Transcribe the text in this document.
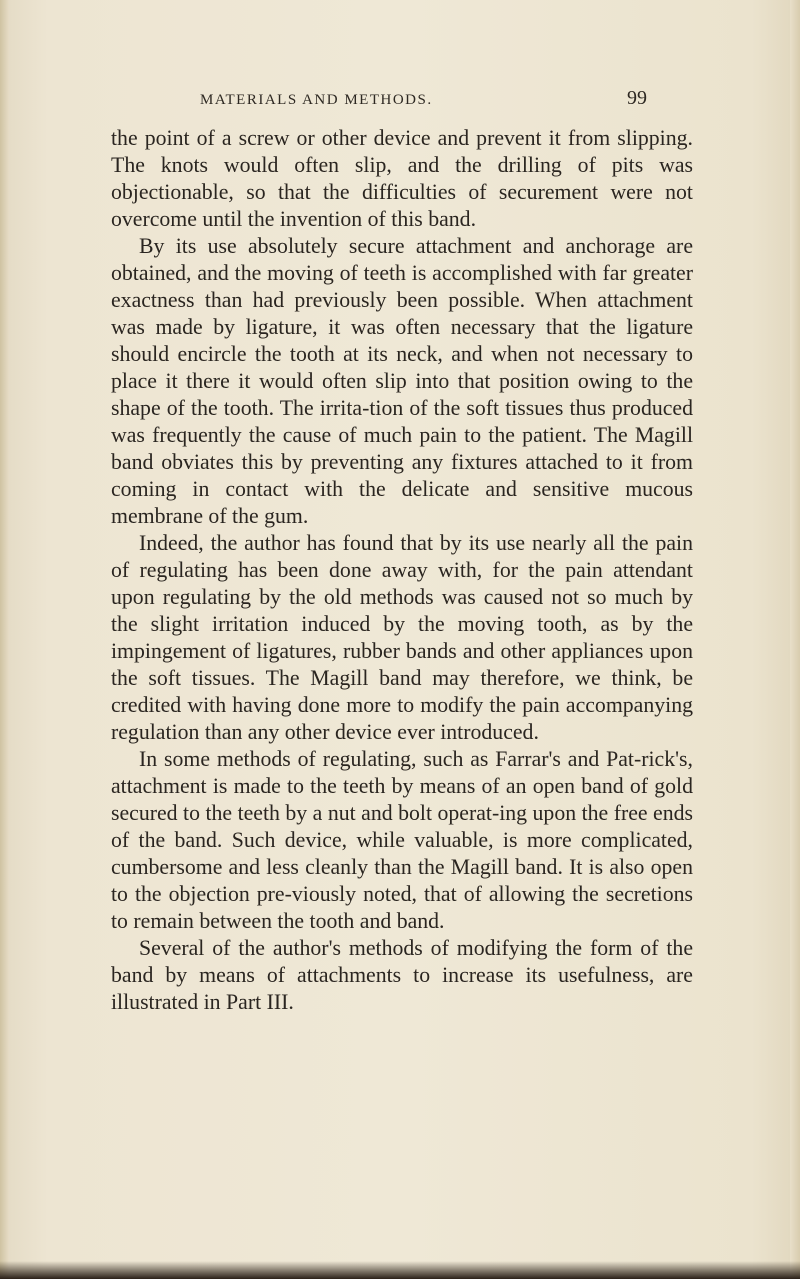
MATERIALS AND METHODS.	99

the point of a screw or other device and prevent it from slipping. The knots would often slip, and the drilling of pits was objectionable, so that the difficulties of securement were not overcome until the invention of this band.

By its use absolutely secure attachment and anchorage are obtained, and the moving of teeth is accomplished with far greater exactness than had previously been possible. When attachment was made by ligature, it was often necessary that the ligature should encircle the tooth at its neck, and when not necessary to place it there it would often slip into that position owing to the shape of the tooth. The irrita-tion of the soft tissues thus produced was frequently the cause of much pain to the patient. The Magill band obviates this by preventing any fixtures attached to it from coming in contact with the delicate and sensitive mucous membrane of the gum.

Indeed, the author has found that by its use nearly all the pain of regulating has been done away with, for the pain attendant upon regulating by the old methods was caused not so much by the slight irritation induced by the moving tooth, as by the impingement of ligatures, rubber bands and other appliances upon the soft tissues. The Magill band may therefore, we think, be credited with having done more to modify the pain accompanying regulation than any other device ever introduced.

In some methods of regulating, such as Farrar's and Pat-rick's, attachment is made to the teeth by means of an open band of gold secured to the teeth by a nut and bolt operat-ing upon the free ends of the band. Such device, while valuable, is more complicated, cumbersome and less cleanly than the Magill band. It is also open to the objection pre-viously noted, that of allowing the secretions to remain between the tooth and band.

Several of the author's methods of modifying the form of the band by means of attachments to increase its usefulness, are illustrated in Part III.
